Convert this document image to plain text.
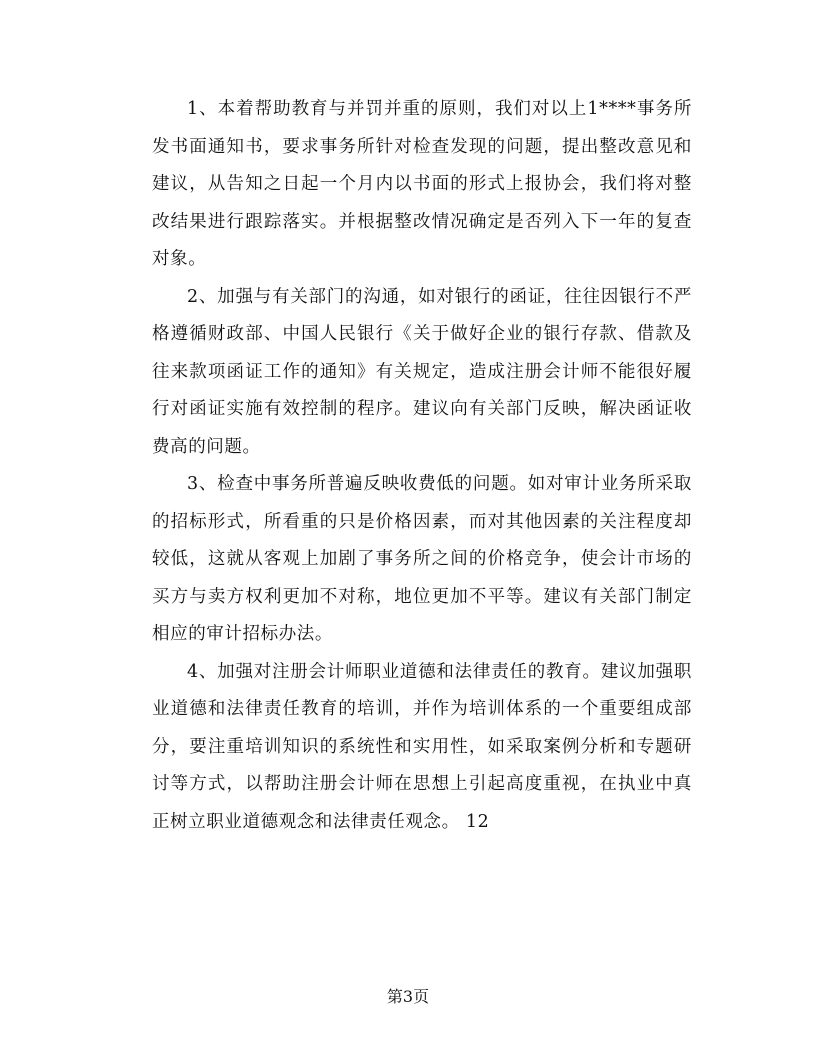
1、本着帮助教育与并罚并重的原则，我们对以上1****事务所发书面通知书，要求事务所针对检查发现的问题，提出整改意见和建议，从告知之日起一个月内以书面的形式上报协会，我们将对整改结果进行跟踪落实。并根据整改情况确定是否列入下一年的复查对象。

2、加强与有关部门的沟通，如对银行的函证，往往因银行不严格遵循财政部、中国人民银行《关于做好企业的银行存款、借款及往来款项函证工作的通知》有关规定，造成注册会计师不能很好履行对函证实施有效控制的程序。建议向有关部门反映，解决函证收费高的问题。

3、检查中事务所普遍反映收费低的问题。如对审计业务所采取的招标形式，所看重的只是价格因素，而对其他因素的关注程度却较低，这就从客观上加剧了事务所之间的价格竞争，使会计市场的买方与卖方权利更加不对称，地位更加不平等。建议有关部门制定相应的审计招标办法。

4、加强对注册会计师职业道德和法律责任的教育。建议加强职业道德和法律责任教育的培训，并作为培训体系的一个重要组成部分，要注重培训知识的系统性和实用性，如采取案例分析和专题研讨等方式，以帮助注册会计师在思想上引起高度重视，在执业中真正树立职业道德观念和法律责任观念。 12

第3页
